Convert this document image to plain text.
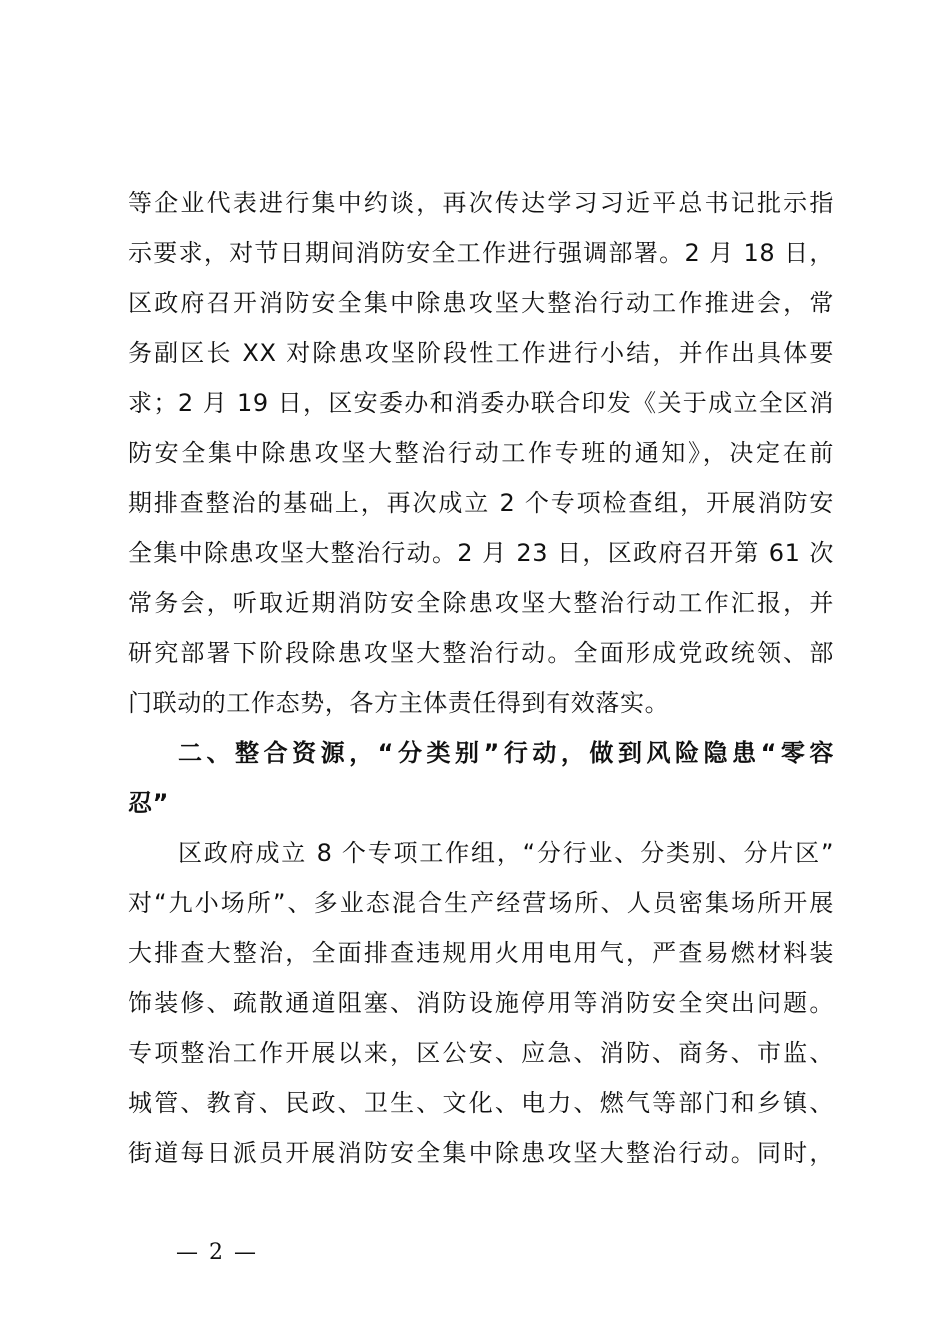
等企业代表进行集中约谈，再次传达学习习近平总书记批示指
示要求，对节日期间消防安全工作进行强调部署。2 月 18 日，
区政府召开消防安全集中除患攻坚大整治行动工作推进会，常
务副区长 XX 对除患攻坚阶段性工作进行小结，并作出具体要
求；2 月 19 日，区安委办和消委办联合印发《关于成立全区消
防安全集中除患攻坚大整治行动工作专班的通知》，决定在前
期排查整治的基础上，再次成立 2 个专项检查组，开展消防安
全集中除患攻坚大整治行动。2 月 23 日，区政府召开第 61 次
常务会，听取近期消防安全除患攻坚大整治行动工作汇报，并
研究部署下阶段除患攻坚大整治行动。全面形成党政统领、部
门联动的工作态势，各方主体责任得到有效落实。
二、整合资源，“分类别”行动，做到风险隐患“零容
忍”
区政府成立 8 个专项工作组，“分行业、分类别、分片区”
对“九小场所”、多业态混合生产经营场所、人员密集场所开展
大排查大整治，全面排查违规用火用电用气，严查易燃材料装
饰装修、疏散通道阻塞、消防设施停用等消防安全突出问题。
专项整治工作开展以来，区公安、应急、消防、商务、市监、
城管、教育、民政、卫生、文化、电力、燃气等部门和乡镇、
街道每日派员开展消防安全集中除患攻坚大整治行动。同时，
— 2 —
